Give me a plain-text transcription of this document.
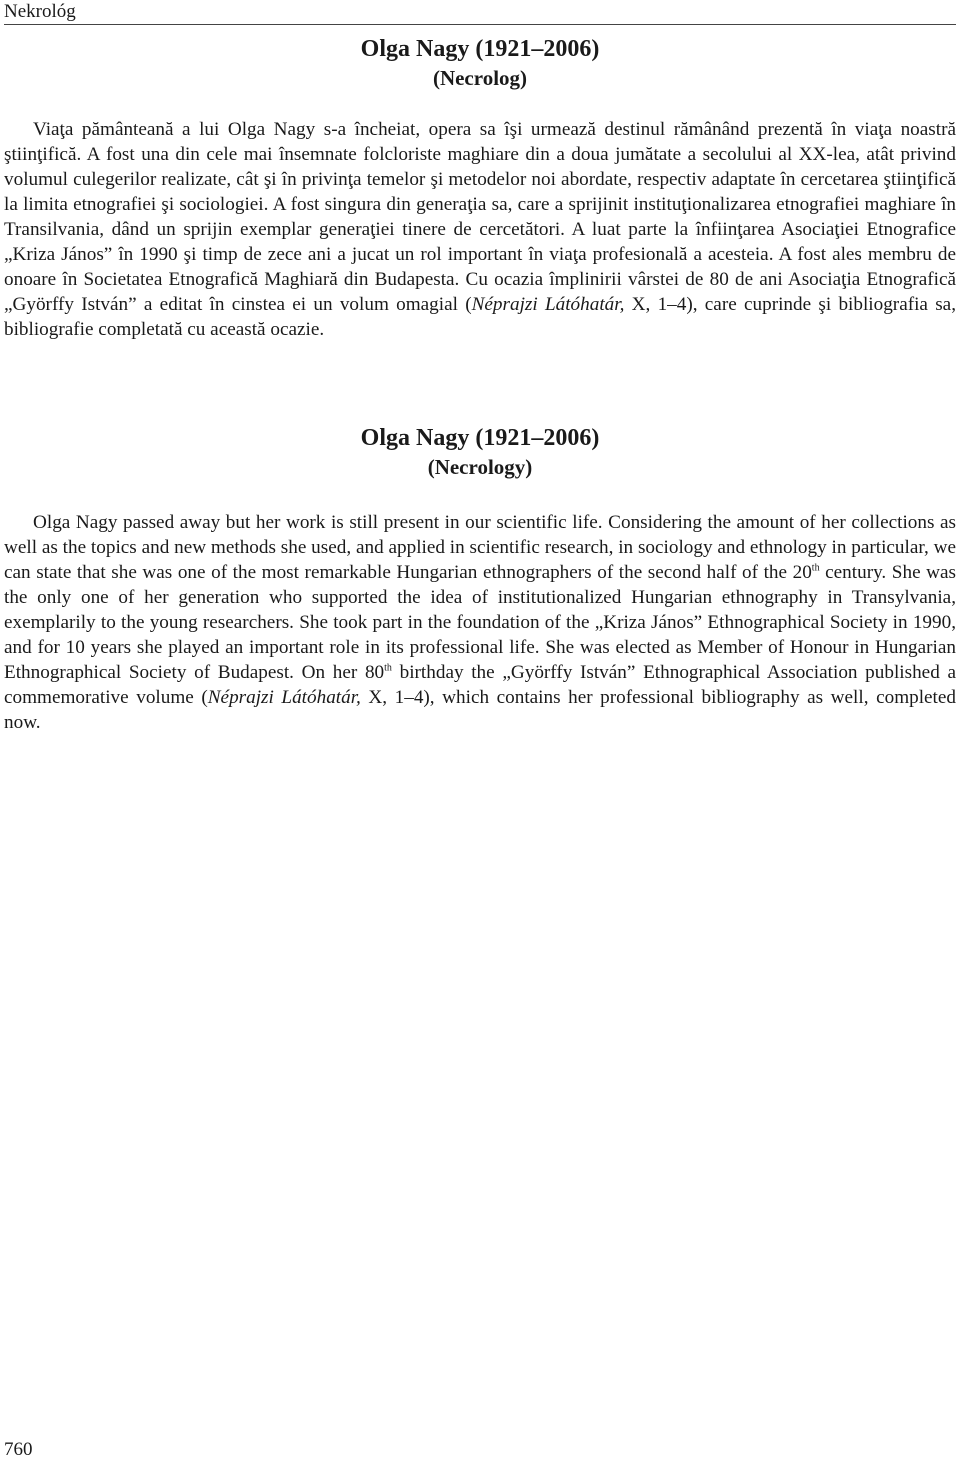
Nekrológ
Olga Nagy (1921–2006)
(Necrolog)

Viaţa pământeană a lui Olga Nagy s-a încheiat, opera sa îşi urmează destinul rămânând prezentă în viaţa noastră ştiinţifică. A fost una din cele mai însemnate folcloriste maghiare din a doua jumătate a secolului al XX-lea, atât privind volumul culegerilor realizate, cât şi în privinţa temelor şi metodelor noi abordate, respectiv adaptate în cercetarea ştiinţifică la limita etnografiei şi sociologiei. A fost singura din generaţia sa, care a sprijinit instituţionalizarea etnografiei maghiare în Transilvania, dând un sprijin exemplar generaţiei tinere de cercetători. A luat parte la înfiinţarea Asociaţiei Etnografice „Kriza János” în 1990 şi timp de zece ani a jucat un rol important în viaţa profesională a acesteia. A fost ales membru de onoare în Societatea Etnografică Maghiară din Budapesta. Cu ocazia împlinirii vârstei de 80 de ani Asociaţia Etnografică „Györffy István” a editat în cinstea ei un volum omagial (Néprajzi Látóhatár, X, 1–4), care cuprinde şi bibliografia sa, bibliografie completată cu această ocazie.

Olga Nagy (1921–2006)
(Necrology)

Olga Nagy passed away but her work is still present in our scientific life. Considering the amount of her collections as well as the topics and new methods she used, and applied in scientific research, in sociology and ethnology in particular, we can state that she was one of the most remarkable Hungarian ethnographers of the second half of the 20th century. She was the only one of her generation who supported the idea of institutionalized Hungarian ethnography in Transylvania, exemplarily to the young researchers. She took part in the foundation of the „Kriza János” Ethnographical Society in 1990, and for 10 years she played an important role in its professional life. She was elected as Member of Honour in Hungarian Ethnographical Society of Budapest. On her 80th birthday the „Györffy István” Ethnographical Association published a commemorative volume (Néprajzi Látóhatár, X, 1–4), which contains her professional bibliography as well, completed now.

760
